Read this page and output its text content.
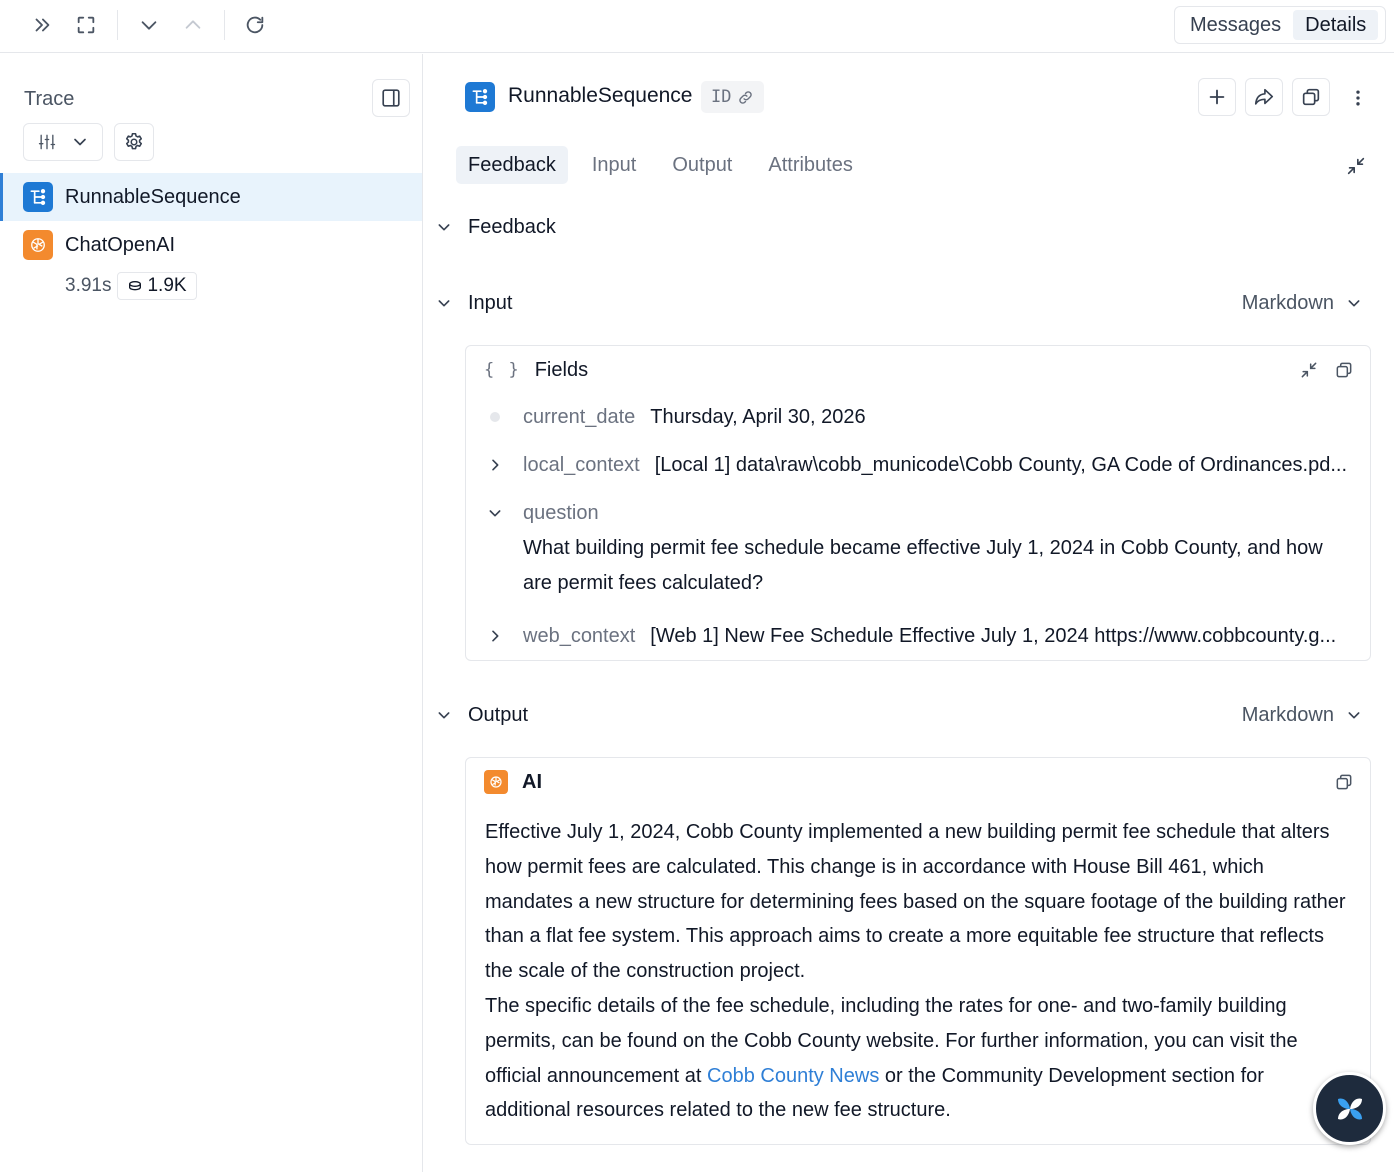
Messages	Details
Trace
RunnableSequence
ChatOpenAI
3.91s 1.9K
RunnableSequence ID
Feedback	Input	Output	Attributes
Feedback
Input	Markdown
{ } Fields
current_date Thursday, April 30, 2026
local_context [Local 1] data\raw\cobb_municode\Cobb County, GA Code of Ordinances.pd...
question
What building permit fee schedule became effective July 1, 2024 in Cobb County, and how are permit fees calculated?
web_context [Web 1] New Fee Schedule Effective July 1, 2024 https://www.cobbcounty.g...
Output	Markdown
AI

Effective July 1, 2024, Cobb County implemented a new building permit fee schedule that alters how permit fees are calculated. This change is in accordance with House Bill 461, which mandates a new structure for determining fees based on the square footage of the building rather than a flat fee system. This approach aims to create a more equitable fee structure that reflects the scale of the construction project.

The specific details of the fee schedule, including the rates for one- and two-family building permits, can be found on the Cobb County website. For further information, you can visit the official announcement at Cobb County News or the Community Development section for additional resources related to the new fee structure.
